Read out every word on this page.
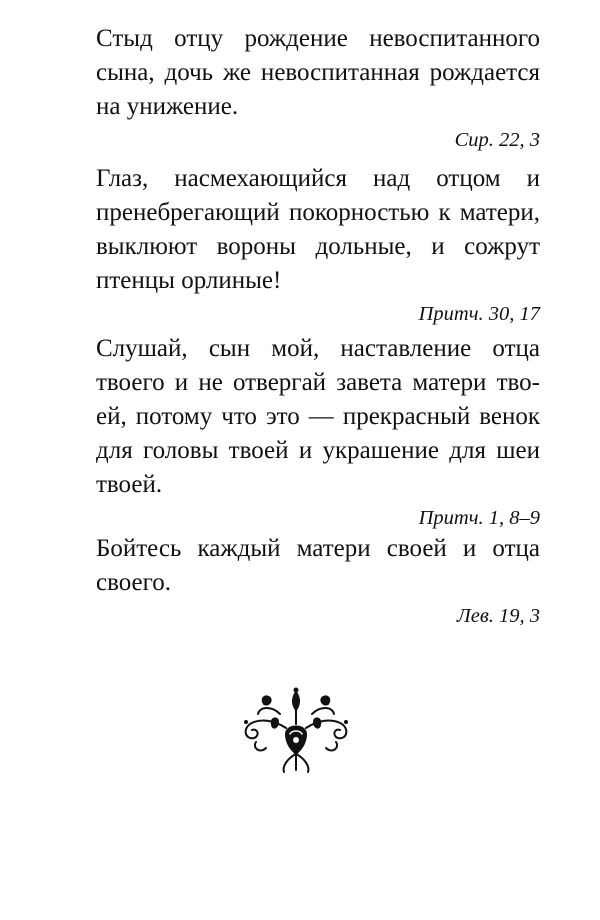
Стыд отцу рождение невоспитанного
сына, дочь же невоспитанная рождается
на унижение.

Сир. 22, 3

Глаз, насмехающийся над отцом и
пренебрегающий покорностью к матери,
выклюют вороны дольные, и сожрут
птенцы орлиные!

Притч. 30, 17

Слушай, сын мой, наставление отца
твоего и не отвергай завета матери тво-
ей, потому что это — прекрасный венок
для головы твоей и украшение для шеи
твоей.

Притч. 1, 8–9

Бойтесь каждый матери своей и отца
своего.

Лев. 19, 3
